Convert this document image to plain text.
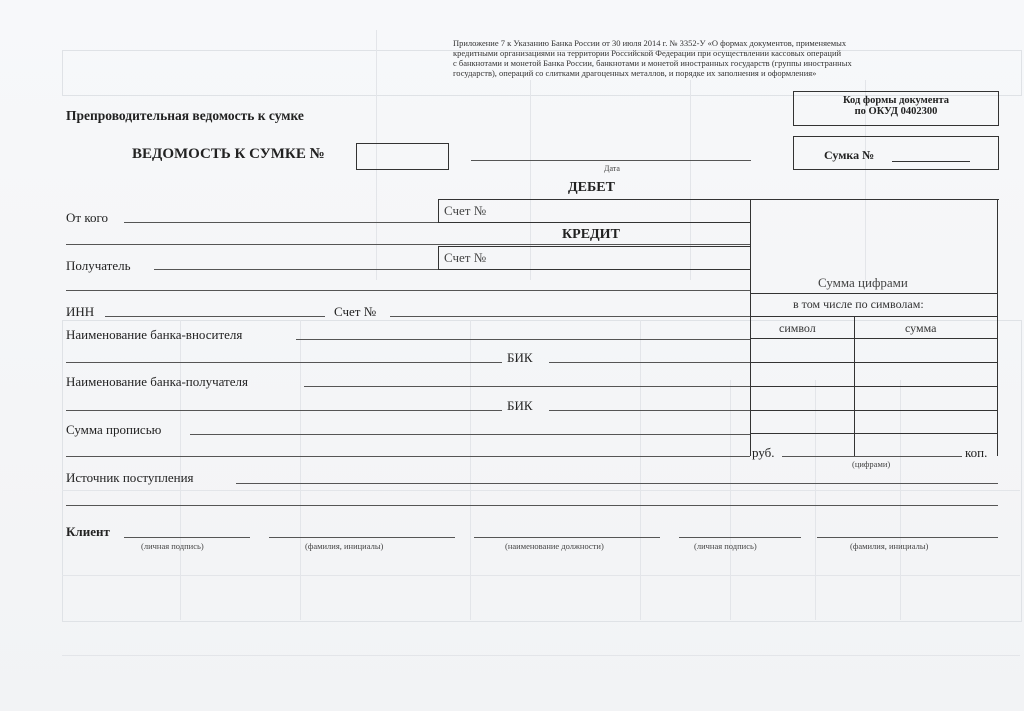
Приложение 7 к Указанию Банка России от 30 июля 2014 г. № 3352-У «О формах документов, применяемых
кредитными организациями на территории Российской Федерации при осуществлении кассовых операций
с банкнотами и монетой Банка России, банкнотами и монетой иностранных государств (группы иностранных
государств), операций со слитками драгоценных металлов, и порядке их заполнения и оформления»
Код формы документа
по ОКУД 0402300
Препроводительная ведомость к сумке
ВЕДОМОСТЬ К СУМКЕ №
Дата
Сумка №
ДЕБЕТ
Счет №
От кого
КРЕДИТ
Счет №
Получатель
Сумма цифрами
в том числе по символам:
символ	сумма
ИНН	Счет №
Наименование банка-вносителя
БИК
Наименование банка-получателя
БИК
Сумма прописью
руб.	коп.
(цифрами)
Источник поступления
Клиент
(личная подпись)	(фамилия, инициалы)	(наименование должности)	(личная подпись)	(фамилия, инициалы)
